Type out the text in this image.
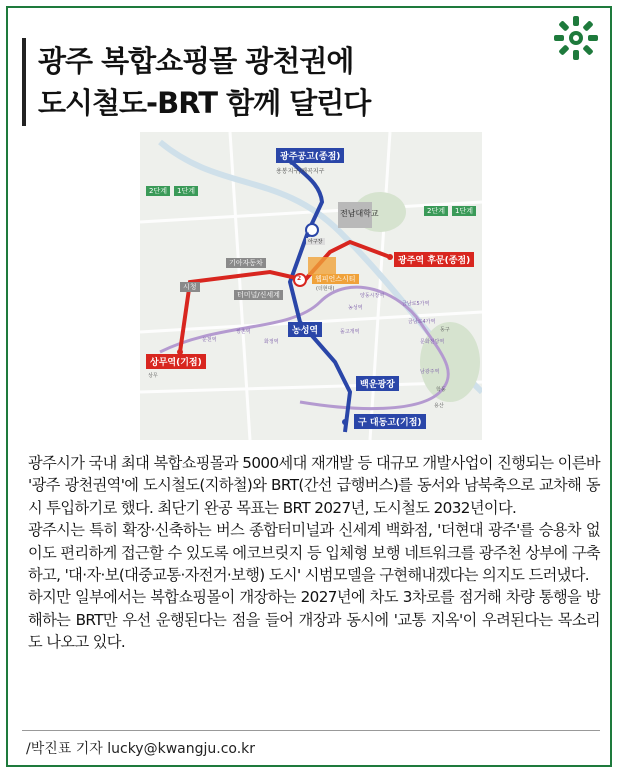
광주 복합쇼핑몰 광천권에
도시철도-BRT 함께 달린다
광주공고(종점)
용봉지구/매곡지구
2단계	1단계
2단계	1단계
전남대학교
아구장
광주역 후문(종점)
1
2
기아자동차
시청
터미널/신세계
웹피언스시티
(더현대)
농성역
상무역(기점)
백운광장
구 대동고(기점)
양동시장역
금남로5가역
금남로4가역
문화전당역
남광주역
돌고개역
농성역
학동
용산
쌍촌역
화정역
운천역
상무
동구

광주시가 국내 최대 복합쇼핑몰과 5000세대 재개발 등 대규모 개발사업이 진행되는 이른바 '광주 광천권역'에 도시철도(지하철)와 BRT(간선 급행버스)를 동서와 남북축으로 교차해 동시 투입하기로 했다. 최단기 완공 목표는 BRT 2027년, 도시철도 2032년이다.

광주시는 특히 확장·신축하는 버스 종합터미널과 신세계 백화점, '더현대 광주'를 승용차 없이도 편리하게 접근할 수 있도록 에코브릿지 등 입체형 보행 네트워크를 광주천 상부에 구축하고, '대·자·보(대중교통·자전거·보행) 도시' 시범모델을 구현해내겠다는 의지도 드러냈다.

하지만 일부에서는 복합쇼핑몰이 개장하는 2027년에 차도 3차로를 점거해 차량 통행을 방해하는 BRT만 우선 운행된다는 점을 들어 개장과 동시에 '교통 지옥'이 우려된다는 목소리도 나오고 있다.

/박진표 기자 lucky@kwangju.co.kr
